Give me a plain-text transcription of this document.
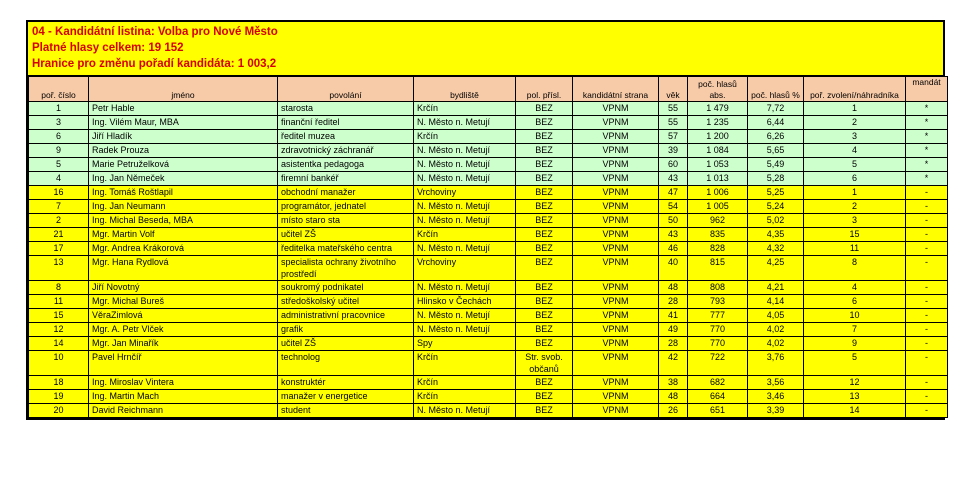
04 - Kandidátní listina: Volba pro Nové Město
Platné hlasy celkem: 19 152
Hranice pro změnu pořadí kandidáta: 1 003,2
poř. číslo	jméno	povolání	bydliště	pol. přísl.	kandidátní strana	věk	poč. hlasů abs.	poč. hlasů %	poř. zvolení/náhradníka	mandát
1	Petr Hable	starosta	Krčín	BEZ	VPNM	55	1 479	7,72	1	*
3	Ing. Vilém Maur, MBA	finanční ředitel	N. Město n. Metují	BEZ	VPNM	55	1 235	6,44	2	*
6	Jiří Hladík	ředitel muzea	Krčín	BEZ	VPNM	57	1 200	6,26	3	*
9	Radek Prouza	zdravotnický záchranář	N. Město n. Metují	BEZ	VPNM	39	1 084	5,65	4	*
5	Marie Petruželková	asistentka pedagoga	N. Město n. Metují	BEZ	VPNM	60	1 053	5,49	5	*
4	Ing. Jan Němeček	firemní bankéř	N. Město n. Metují	BEZ	VPNM	43	1 013	5,28	6	*
16	Ing. Tomáš Roštlapil	obchodní manažer	Vrchoviny	BEZ	VPNM	47	1 006	5,25	1	-
7	Ing. Jan Neumann	programátor, jednatel	N. Město n. Metují	BEZ	VPNM	54	1 005	5,24	2	-
2	Ing. Michal Beseda, MBA	místo staro sta	N. Město n. Metují	BEZ	VPNM	50	962	5,02	3	-
21	Mgr. Martin Volf	učitel ZŠ	Krčín	BEZ	VPNM	43	835	4,35	15	-
17	Mgr. Andrea Krákorová	ředitelka mateřského centra	N. Město n. Metují	BEZ	VPNM	46	828	4,32	11	-
13	Mgr. Hana Rydlová	specialista ochrany životního prostředí	Vrchoviny	BEZ	VPNM	40	815	4,25	8	-
8	Jiří Novotný	soukromý podnikatel	N. Město n. Metují	BEZ	VPNM	48	808	4,21	4	-
11	Mgr. Michal Bureš	středoškolský učitel	Hlinsko v Čechách	BEZ	VPNM	28	793	4,14	6	-
15	VěraZimlová	administrativní pracovnice	N. Město n. Metují	BEZ	VPNM	41	777	4,05	10	-
12	Mgr. A. Petr Vlček	grafik	N. Město n. Metují	BEZ	VPNM	49	770	4,02	7	-
14	Mgr. Jan Minařík	učitel ZŠ	Spy	BEZ	VPNM	28	770	4,02	9	-
10	Pavel Hrnčíř	technolog	Krčín	Str. svob. občanů	VPNM	42	722	3,76	5	-
18	Ing. Miroslav Vintera	konstruktér	Krčín	BEZ	VPNM	38	682	3,56	12	-
19	Ing. Martin Mach	manažer v energetice	Krčín	BEZ	VPNM	48	664	3,46	13	-
20	David Reichmann	student	N. Město n. Metují	BEZ	VPNM	26	651	3,39	14	-
